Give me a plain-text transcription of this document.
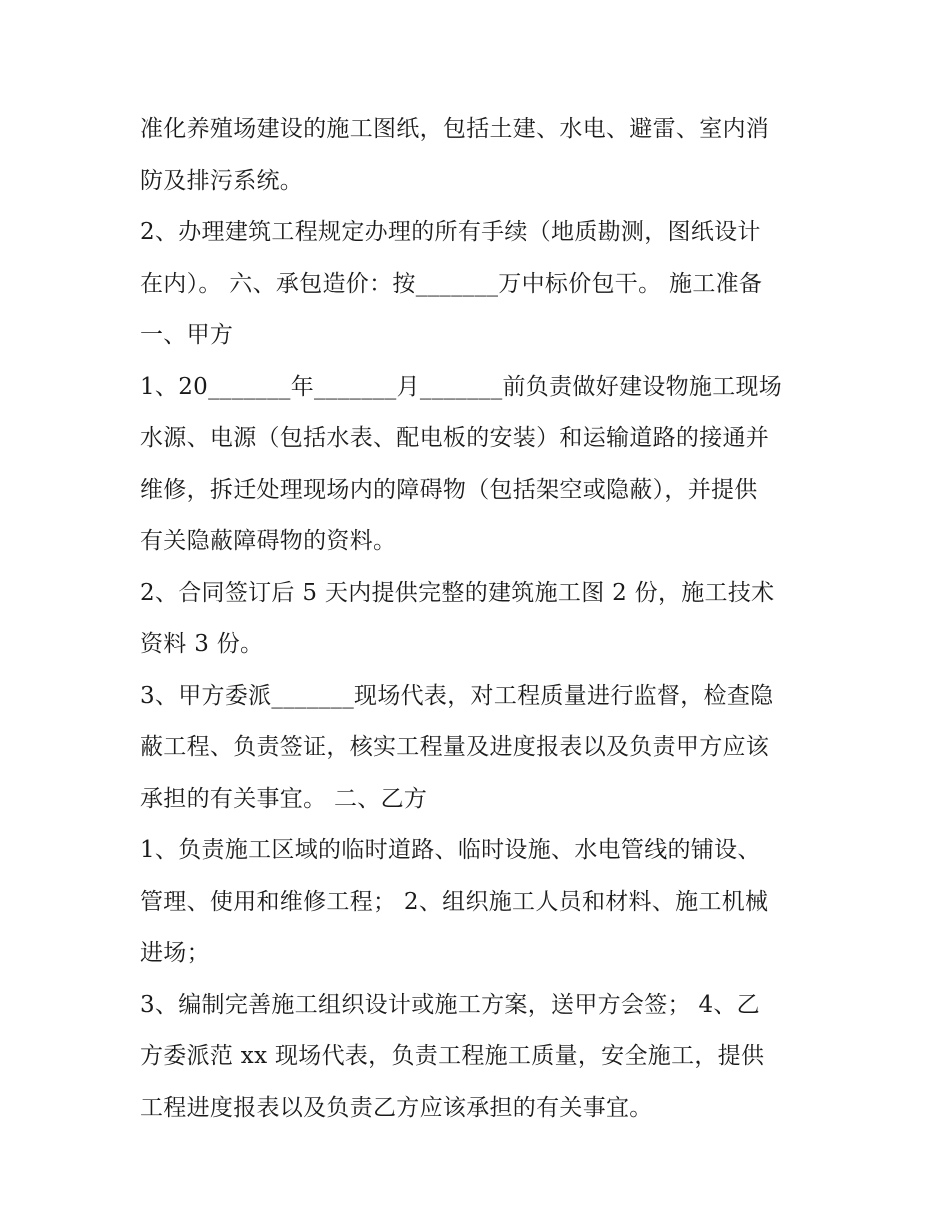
准化养殖场建设的施工图纸，包括土建、水电、避雷、室内消
防及排污系统。
2、办理建筑工程规定办理的所有手续（地质勘测，图纸设计
在内）。 六、承包造价：按_______万中标价包干。 施工准备
一、甲方
1、20_______年_______月_______前负责做好建设物施工现场
水源、电源（包括水表、配电板的安装）和运输道路的接通并
维修，拆迁处理现场内的障碍物（包括架空或隐蔽），并提供
有关隐蔽障碍物的资料。
2、合同签订后 5 天内提供完整的建筑施工图 2 份，施工技术
资料 3 份。
3、甲方委派_______现场代表，对工程质量进行监督，检查隐
蔽工程、负责签证，核实工程量及进度报表以及负责甲方应该
承担的有关事宜。 二、乙方
1、负责施工区域的临时道路、临时设施、水电管线的铺设、
管理、使用和维修工程； 2、组织施工人员和材料、施工机械
进场；
3、编制完善施工组织设计或施工方案，送甲方会签； 4、乙
方委派范 xx 现场代表，负责工程施工质量，安全施工，提供
工程进度报表以及负责乙方应该承担的有关事宜。
